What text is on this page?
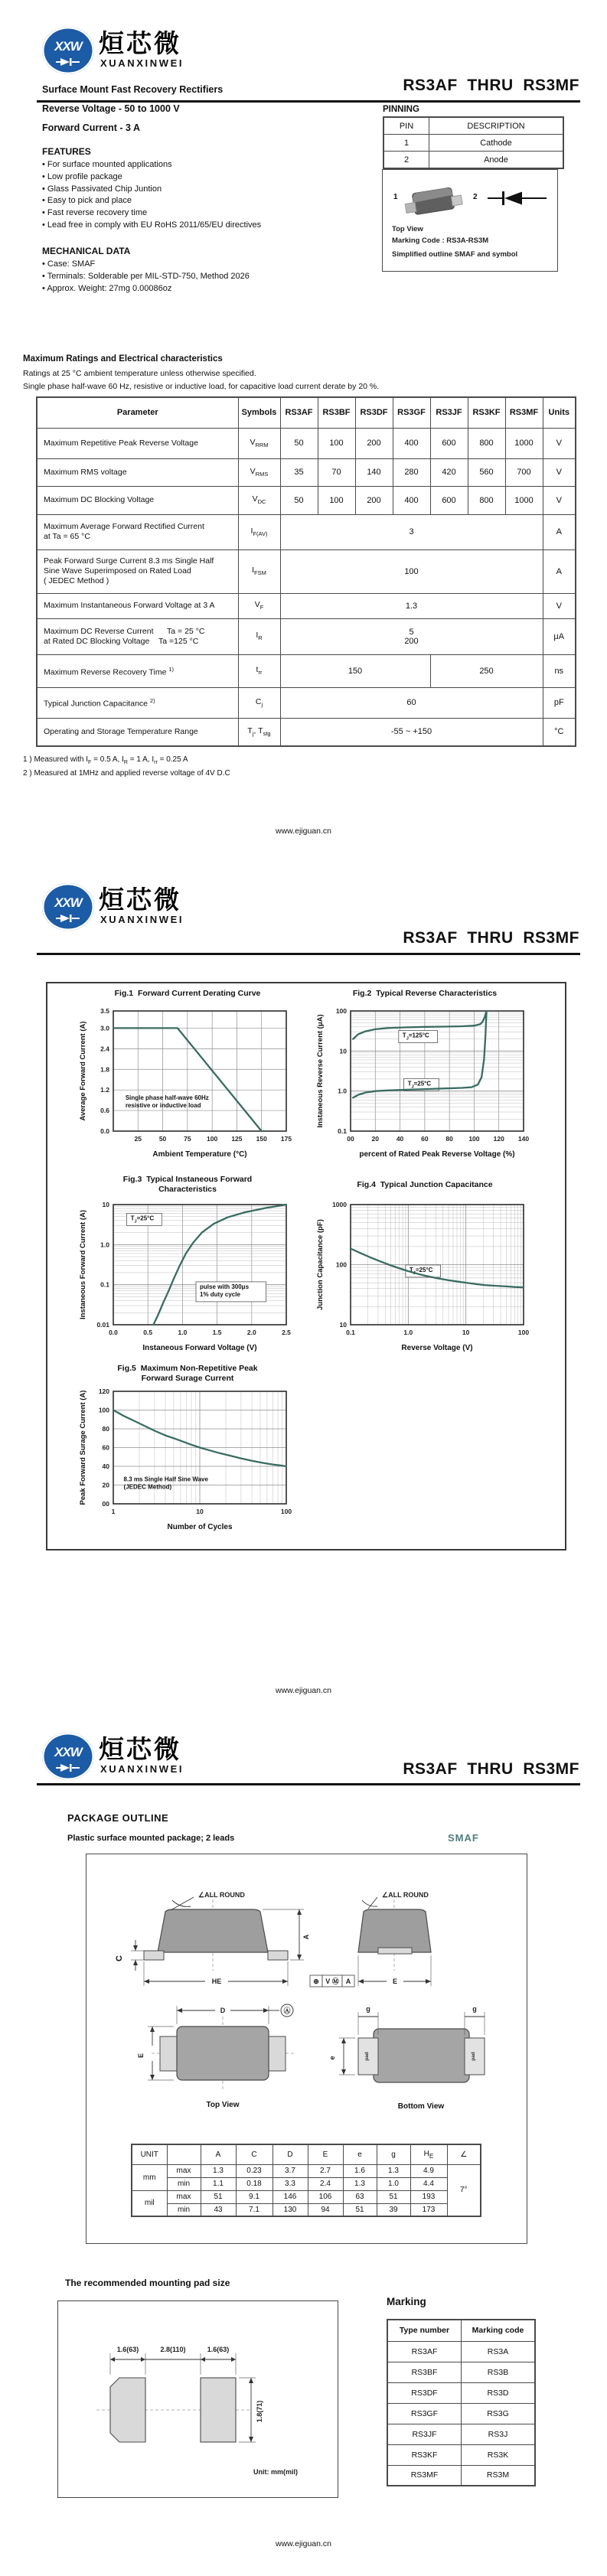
XXW 烜芯微
XUANXINWEI
RS3AF  THRU  RS3MF
Surface Mount Fast Recovery Rectifiers
Reverse Voltage - 50 to 1000 V
Forward Current - 3 A
FEATURES
• For surface mounted applications
• Low profile package
• Glass Passivated Chip Juntion
• Easy to pick and place
• Fast reverse recovery time
• Lead free in comply with EU RoHS 2011/65/EU directives
MECHANICAL DATA
• Case: SMAF
• Terminals: Solderable per MIL-STD-750, Method 2026
• Approx. Weight: 27mg 0.00086oz
PINNING
PIN	DESCRIPTION
1	Cathode
2	Anode
1	2
Top View
Marking Code : RS3A-RS3M
Simplified outline SMAF and symbol
Maximum Ratings and Electrical characteristics
Ratings at 25 °C ambient temperature unless otherwise specified.
Single phase half-wave 60 Hz, resistive or inductive load, for capacitive load current derate by 20 %.
Parameter	Symbols	RS3AF	RS3BF	RS3DF	RS3GF	RS3JF	RS3KF	RS3MF	Units
Maximum Repetitive Peak Reverse Voltage	$V_{RRM}$	50	100	200	400	600	800	1000	V
Maximum RMS voltage	$V_{RMS}$	35	70	140	280	420	560	700	V
Maximum DC Blocking Voltage	$V_{DC}$	50	100	200	400	600	800	1000	V
Maximum Average Forward Rectified Current
at Ta = 65 °C	$I_{F(AV)}$	3							A
Peak Forward Surge Current 8.3 ms Single Half
Sine Wave Superimposed on Rated Load
( JEDEC Method )	$I_{FSM}$	100							A
Maximum Instantaneous Forward Voltage at 3 A	$V_F$	1.3							V
Maximum DC Reverse Current      Ta = 25 °C
at Rated DC Blocking Voltage    Ta =125 °C	$I_R$	5
200							μA
Maximum Reverse Recovery Time $^{1)}$	$t_{rr}$	150				250			ns
Typical Junction Capacitance $^{2)}$	$C_j$	60							pF
Operating and Storage Temperature Range	$T_j$, $T_{stg}$	-55 ~ +150							°C
1 ) Measured with $I_F = 0.5$ A, $I_R = 1$ A, $I_{rr} = 0.25$ A
2 ) Measured at 1MHz and applied reverse voltage of 4V D.C
www.ejiguan.cn
XXW 烜芯微
XUANXINWEI
RS3AF  THRU  RS3MF
Fig.1  Forward Current Derating Curve
25	50	75 100 125 150 175
0.0
0.6
1.2
1.8
2.4
3.0
3.5
Ambient Temperature (°C)
Average Forward Current (A)	Single phase half-wave 60Hz resistive or inductive load
Fig.2  Typical Reverse Characteristics
00	20	40	60	80 100 120 140
0.1
1.0
10
100
percent of Rated Peak Reverse Voltage (%)
Instaneous Reverse Current (μA)	$T_J=125^\circ C$
$T_J=25^\circ C$
Fig.3  Typical Instaneous Forward
Characteristics
0.0	0.5	1.0	1.5	2.0	2.5
0.01
0.1
1.0
10
Instaneous Forward Voltage (V)
Instaneous Forward Current (A)	$T_J=25^\circ C$
pulse with 300μs 1% duty cycle
Fig.4  Typical Junction Capacitance
0.1	1.0	10	100
10
100
1000
Reverse Voltage (V)
Junction Capacitance (pF)	$T_J=25^\circ C$
Fig.5  Maximum Non-Repetitive Peak
Forward Surage Current
1	10	100
00
20
40
60
80
100
120
Number of Cycles
Peak Forward Surage Current (A)	8.3 ms Single Half Sine Wave (JEDEC Method)
www.ejiguan.cn
XXW 烜芯微
XUANXINWEI	RS3AF  THRU  RS3MF
PACKAGE OUTLINE
Plastic surface mounted package; 2 leads	SMAF
∠ALL ROUND
A
C
HE	⊕ V Ⓜ A
∠ALL ROUND
E
D	Ⓐ
E
Top View
pad	pad
g	g
e
Bottom View
UNIT		A	C	D	E	e	g	$H_E$	∠
mm	max	1.3	0.23	3.7	2.7	1.6	1.3	4.9	7°
	min	1.1	0.18	3.3	2.4	1.3	1.0	4.4	
mil	max	51	9.1	146	106	63	51	193	
	min	43	7.1	130	94	51	39	173	
The recommended mounting pad size
1.6(63)	2.8(110)	1.6(63)
1.8(71)
Unit: mm(mil)
Marking
Type number	Marking code
RS3AF	RS3A
RS3BF	RS3B
RS3DF	RS3D
RS3GF	RS3G
RS3JF	RS3J
RS3KF	RS3K
RS3MF	RS3M
www.ejiguan.cn
